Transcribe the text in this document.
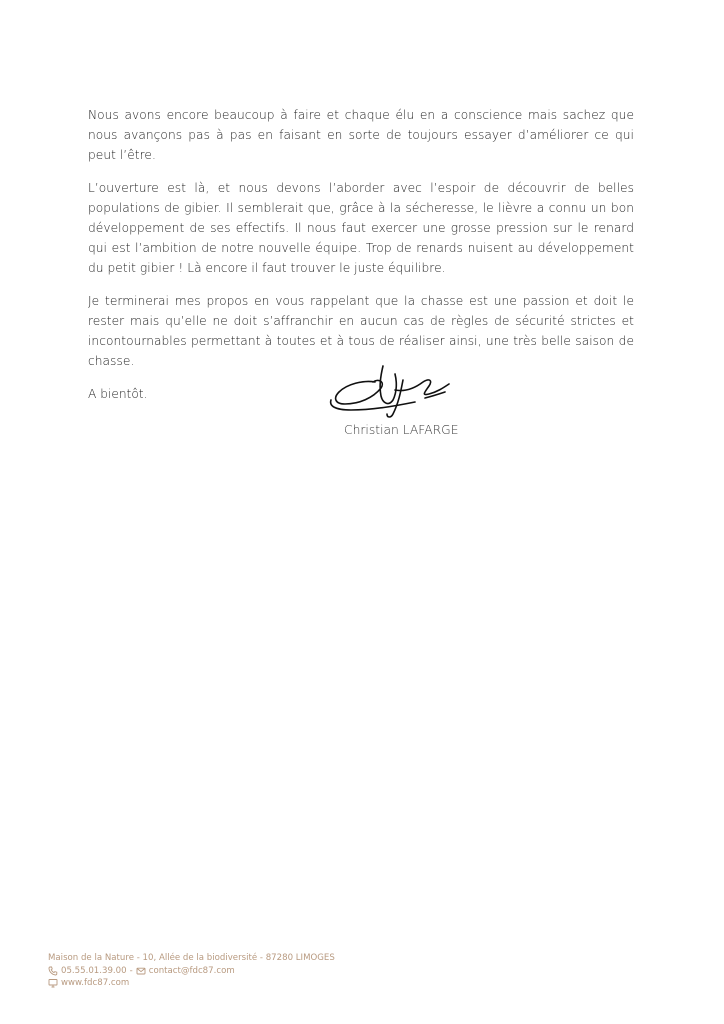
Nous avons encore beaucoup à faire et chaque élu en a conscience mais sachez que nous avançons pas à pas en faisant en sorte de toujours essayer d’améliorer ce qui peut l’être.

L’ouverture est là, et nous devons l’aborder avec l’espoir de découvrir de belles populations de gibier. Il semblerait que, grâce à la sécheresse, le lièvre a connu un bon développement de ses effectifs. Il nous faut exercer une grosse pression sur le renard qui est l’ambition de notre nouvelle équipe. Trop de renards nuisent au développement du petit gibier ! Là encore il faut trouver le juste équilibre.

Je terminerai mes propos en vous rappelant que la chasse est une passion et doit le rester mais qu’elle ne doit s’affranchir en aucun cas de règles de sécurité strictes et incontournables permettant à toutes et à tous de réaliser ainsi, une très belle saison de chasse.

A bientôt.

Christian LAFARGE
Maison de la Nature - 10, Allée de la biodiversité - 87280 LIMOGES
05.55.01.39.00 - contact@fdc87.com
www.fdc87.com
